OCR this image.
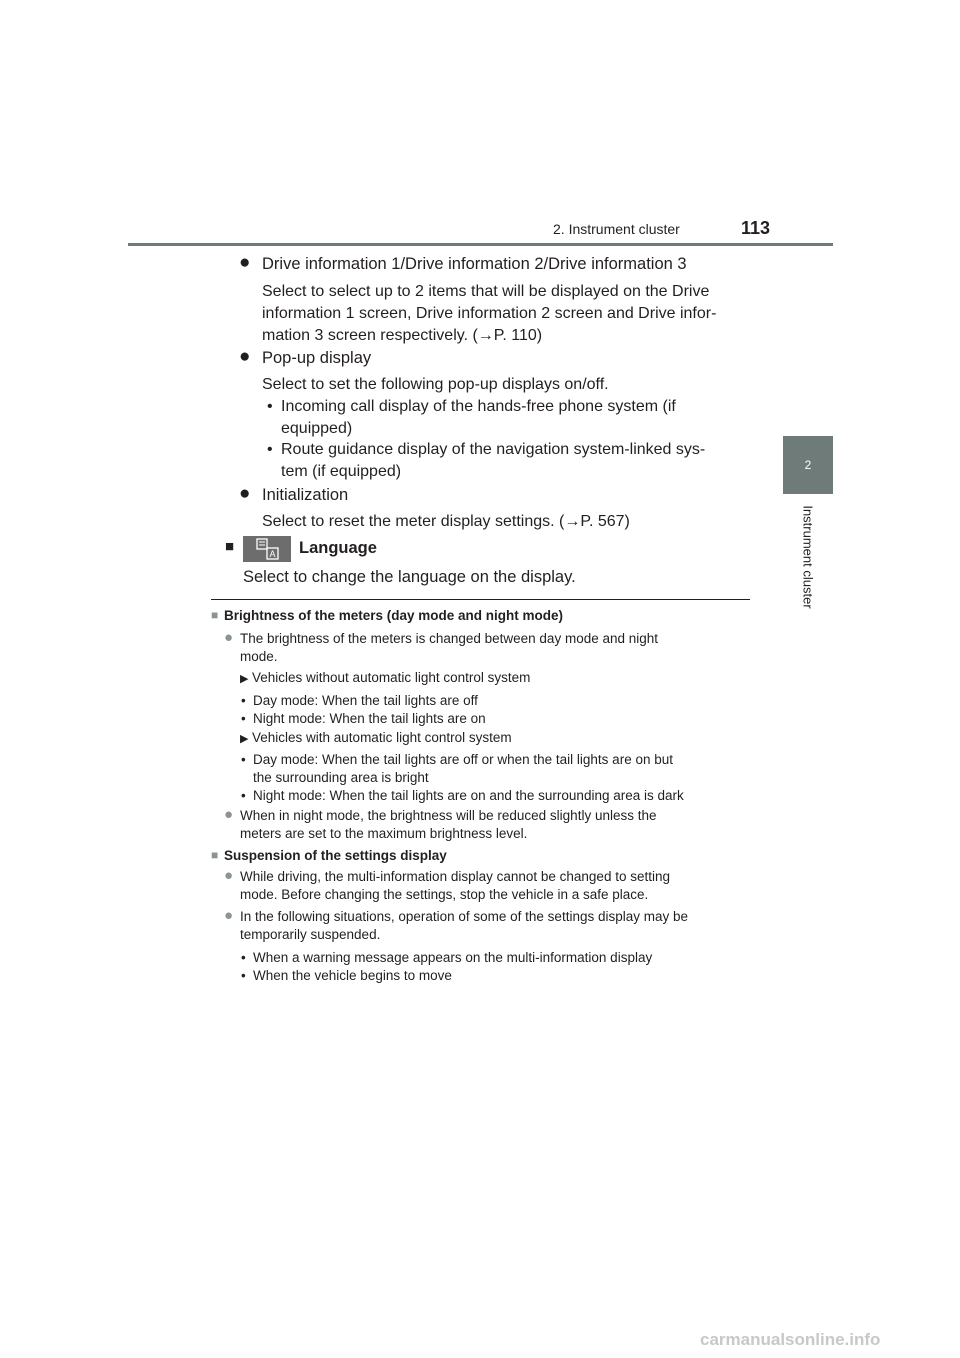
2. Instrument cluster	113
2
Instrument cluster
● Drive information 1/Drive information 2/Drive information 3
Select to select up to 2 items that will be displayed on the Drive
information 1 screen, Drive information 2 screen and Drive infor-
mation 3 screen respectively. (→P. 110)
● Pop-up display
Select to set the following pop-up displays on/off.
• Incoming call display of the hands-free phone system (if
equipped)
• Route guidance display of the navigation system-linked sys-
tem (if equipped)
● Initialization
Select to reset the meter display settings. (→P. 567)
■	A Language
Select to change the language on the display.
■ Brightness of the meters (day mode and night mode)
● The brightness of the meters is changed between day mode and night
mode.
▶ Vehicles without automatic light control system
• Day mode: When the tail lights are off
• Night mode: When the tail lights are on
▶ Vehicles with automatic light control system
• Day mode: When the tail lights are off or when the tail lights are on but
the surrounding area is bright
• Night mode: When the tail lights are on and the surrounding area is dark
● When in night mode, the brightness will be reduced slightly unless the
meters are set to the maximum brightness level.
■ Suspension of the settings display
● While driving, the multi-information display cannot be changed to setting
mode. Before changing the settings, stop the vehicle in a safe place.
● In the following situations, operation of some of the settings display may be
temporarily suspended.
• When a warning message appears on the multi-information display
• When the vehicle begins to move
carmanualsonline.info
